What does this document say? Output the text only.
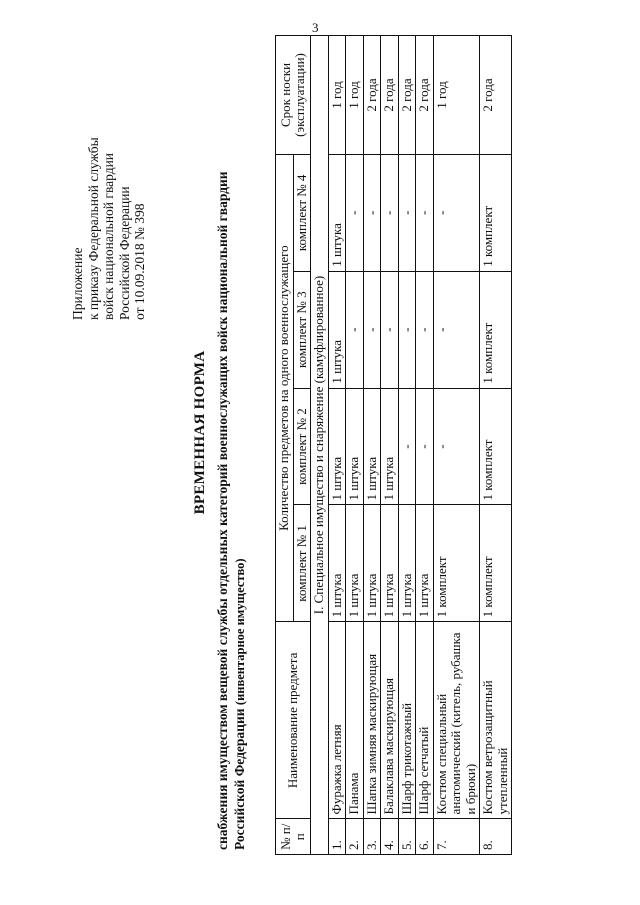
3
Приложение к приказу Федеральной службы войск национальной гвардии Российской Федерации от 10.09.2018 № 398
ВРЕМЕННАЯ НОРМА снабжения имуществом вещевой службы отдельных категорий военнослужащих войск национальной гвардии Российской Федерации (инвентарное имущество)
№ п/п	Наименование предмета	Количество предметов на одного военнослужащего				Срок носки (эксплуатации)
		комплект № 1	комплект № 2	комплект № 3	комплект № 4	
I. Специальное имущество и снаряжение (камуфлированное)						
1.	Фуражка летняя	1 штука	1 штука	1 штука	1 штука	1 год
2.	Панама	1 штука	1 штука	-	-	1 год
3.	Шапка зимняя маскирующая	1 штука	1 штука	-	-	2 года
4.	Балаклава маскирующая	1 штука	1 штука	-	-	2 года
5.	Шарф трикотажный	1 штука	-	-	-	2 года
6.	Шарф сетчатый	1 штука	-	-	-	2 года
7.	Костюм специальный анатомический (китель, рубашка и брюки)	1 комплект	-	-	-	1 год
8.	Костюм ветрозащитный утепленный	1 комплект	1 комплект	1 комплект	1 комплект	2 года
